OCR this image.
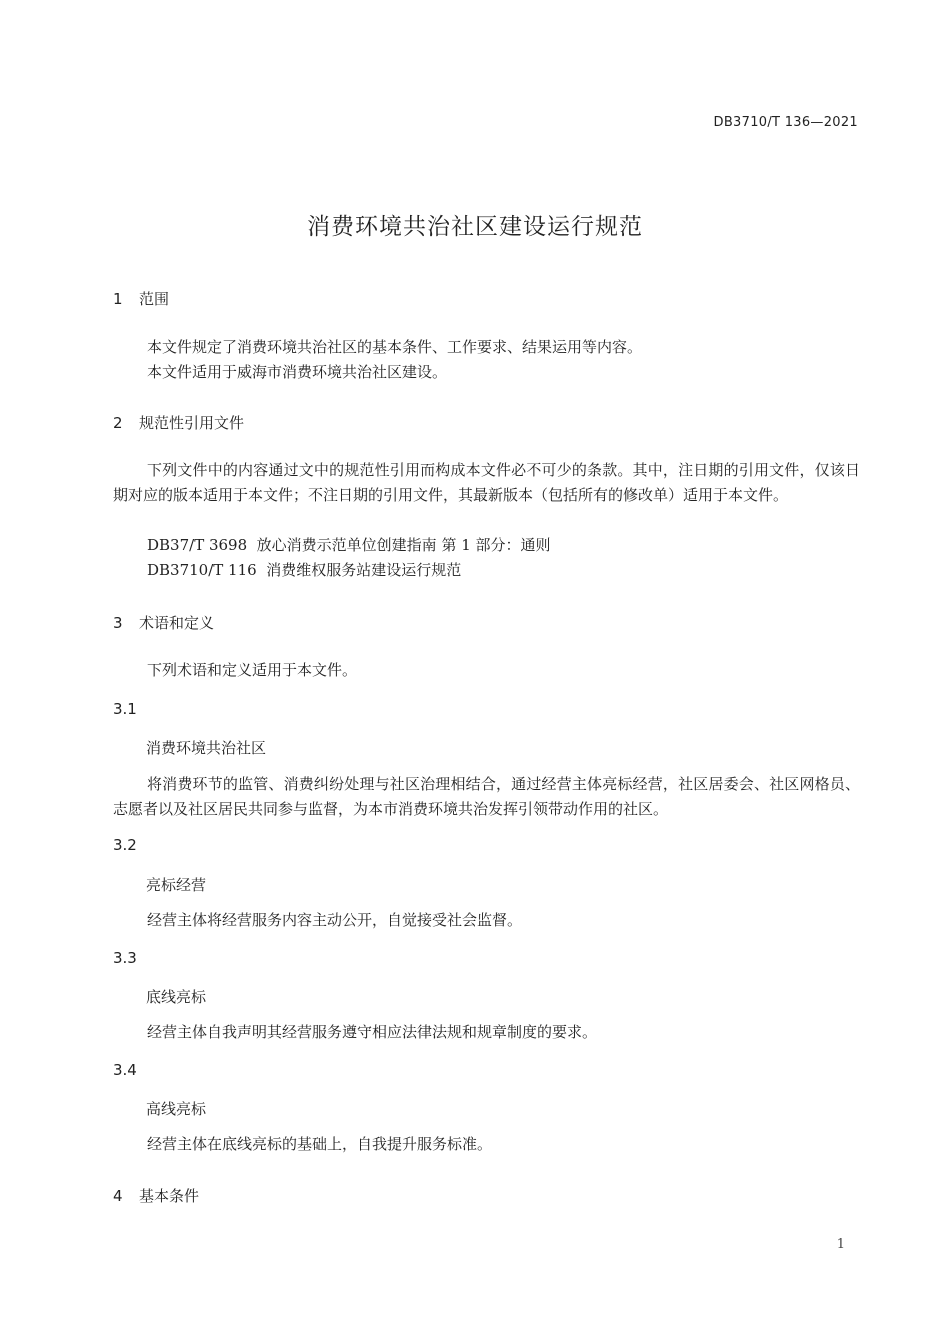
DB3710/T 136—2021
消费环境共治社区建设运行规范
1 范围
本文件规定了消费环境共治社区的基本条件、工作要求、结果运用等内容。
本文件适用于威海市消费环境共治社区建设。
2 规范性引用文件
下列文件中的内容通过文中的规范性引用而构成本文件必不可少的条款。其中，注日期的引用文件，仅该日期对应的版本适用于本文件；不注日期的引用文件，其最新版本（包括所有的修改单）适用于本文件。
DB37/T 3698  放心消费示范单位创建指南 第 1 部分：通则
DB3710/T 116  消费维权服务站建设运行规范
3 术语和定义
下列术语和定义适用于本文件。
3.1
消费环境共治社区
将消费环节的监管、消费纠纷处理与社区治理相结合，通过经营主体亮标经营，社区居委会、社区网格员、志愿者以及社区居民共同参与监督，为本市消费环境共治发挥引领带动作用的社区。
3.2
亮标经营
经营主体将经营服务内容主动公开，自觉接受社会监督。
3.3
底线亮标
经营主体自我声明其经营服务遵守相应法律法规和规章制度的要求。
3.4
高线亮标
经营主体在底线亮标的基础上，自我提升服务标准。
4 基本条件
1
